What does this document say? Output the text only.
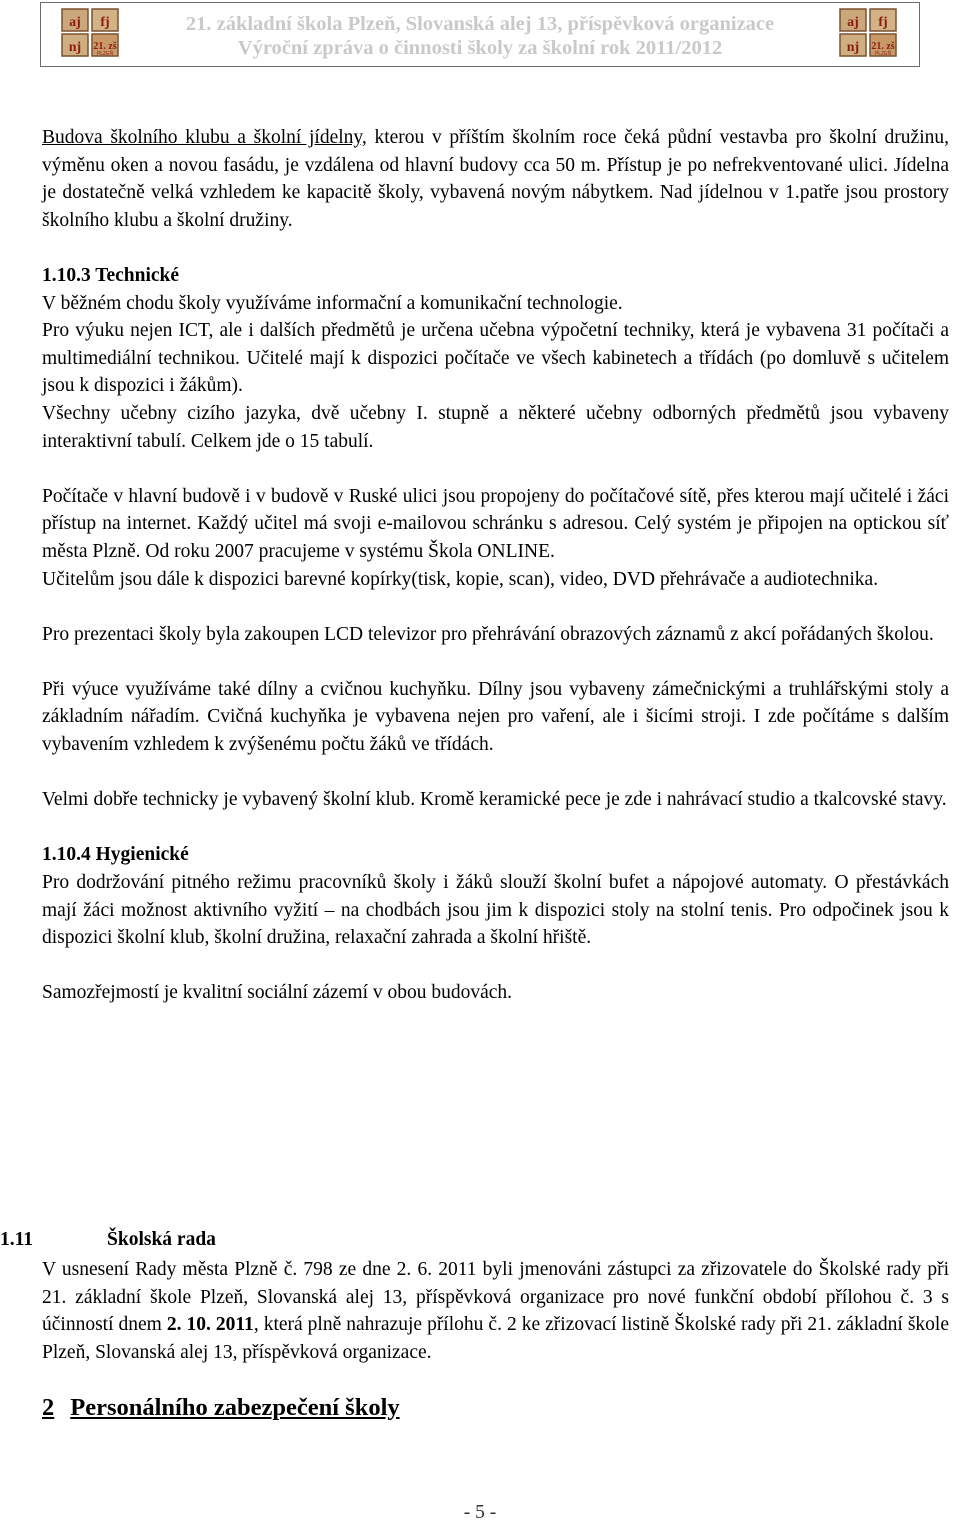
aj fj
nj 21. zš
PLZEŇ
21. základní škola Plzeň, Slovanská alej 13, příspěvková organizace
Výroční zpráva o činnosti školy za školní rok 2011/2012
aj fj
nj 21. zš
PLZEŇ

Budova školního klubu a školní jídelny, kterou v příštím školním roce čeká půdní vestavba pro školní družinu, výměnu oken a novou fasádu, je vzdálena od hlavní budovy cca 50 m. Přístup je po nefrekventované ulici. Jídelna je dostatečně velká vzhledem ke kapacitě školy, vybavená novým nábytkem. Nad jídelnou v 1.patře jsou prostory školního klubu a školní družiny.

1.10.3 Technické

V běžném chodu školy využíváme informační a komunikační technologie.

Pro výuku nejen ICT, ale i dalších předmětů je určena učebna výpočetní techniky, která je vybavena 31 počítači a multimediální technikou. Učitelé mají k dispozici počítače ve všech kabinetech a třídách (po domluvě s učitelem jsou k dispozici i žákům).

Všechny učebny cizího jazyka, dvě učebny I. stupně a některé učebny odborných předmětů jsou vybaveny interaktivní tabulí. Celkem jde o 15 tabulí.

Počítače v hlavní budově i v budově v Ruské ulici jsou propojeny do počítačové sítě, přes kterou mají učitelé i žáci přístup na internet. Každý učitel má svoji e-mailovou schránku s adresou. Celý systém je připojen na optickou síť města Plzně. Od roku 2007 pracujeme v systému Škola ONLINE.

Učitelům jsou dále k dispozici barevné kopírky(tisk, kopie, scan), video, DVD přehrávače a audiotechnika.

Pro prezentaci školy byla zakoupen LCD televizor pro přehrávání obrazových záznamů z akcí pořádaných školou.

Při výuce využíváme také dílny a cvičnou kuchyňku. Dílny jsou vybaveny zámečnickými a truhlářskými stoly a základním nářadím. Cvičná kuchyňka je vybavena nejen pro vaření, ale i šicími stroji. I zde počítáme s dalším vybavením vzhledem k zvýšenému počtu žáků ve třídách.

Velmi dobře technicky je vybavený školní klub. Kromě keramické pece je zde i nahrávací studio a tkalcovské stavy.

1.10.4 Hygienické

Pro dodržování pitného režimu pracovníků školy i žáků slouží školní bufet a nápojové automaty. O přestávkách mají žáci možnost aktivního vyžití – na chodbách jsou jim k dispozici stoly na stolní tenis. Pro odpočinek jsou k dispozici školní klub, školní družina, relaxační zahrada a školní hřiště.

Samozřejmostí je kvalitní sociální zázemí v obou budovách.

1.11	Školská rada
V usnesení Rady města Plzně č. 798 ze dne 2. 6. 2011 byli jmenováni zástupci za zřizovatele do Školské rady při 21. základní škole Plzeň, Slovanská alej 13, příspěvková organizace pro nové funkční období přílohou č. 3 s účinností dnem 2. 10. 2011, která plně nahrazuje přílohu č. 2 ke zřizovací listině Školské rady při 21. základní škole Plzeň, Slovanská alej 13, příspěvková organizace.
2 Personálního zabezpečení školy
- 5 -
